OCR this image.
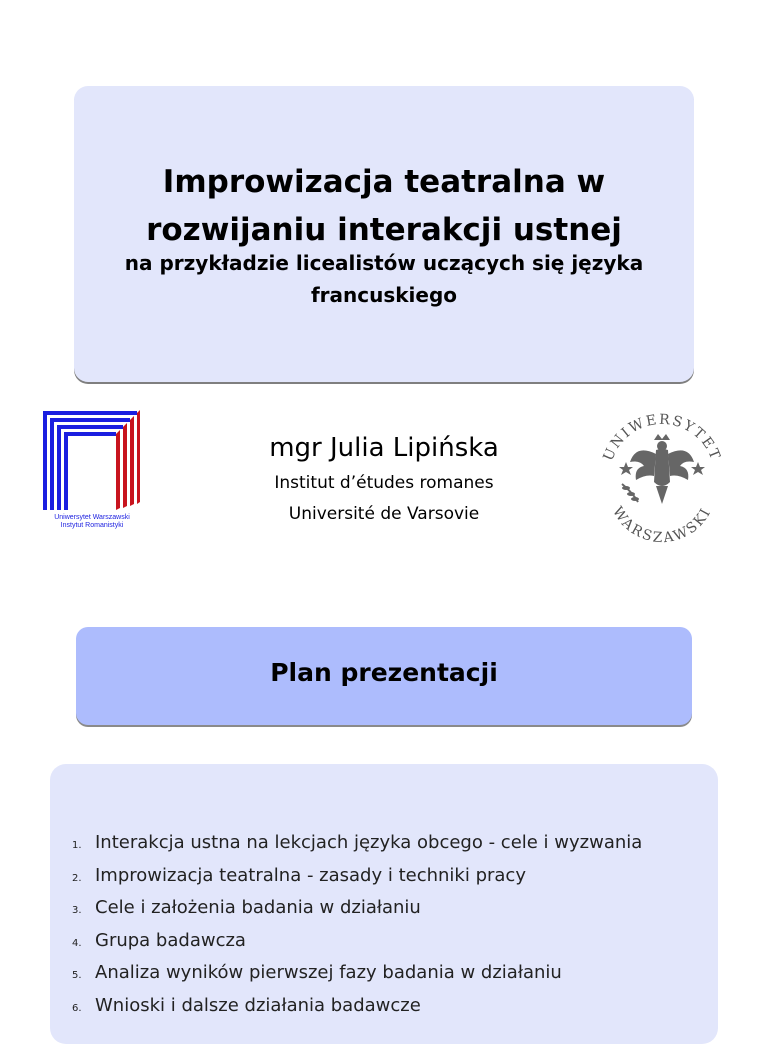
Improwizacja teatralna w
rozwijaniu interakcji ustnej
na przykładzie licealistów uczących się języka
francuskiego
Uniwersytet Warszawski
Instytut Romanistyki
mgr Julia Lipińska
Institut d’études romanes
Université de Varsovie
UNIWERSYTET
WARSZAWSKI
Plan prezentacji
1. Interakcja ustna na lekcjach języka obcego - cele i wyzwania
2. Improwizacja teatralna - zasady i techniki pracy
3. Cele i założenia badania w działaniu
4. Grupa badawcza
5. Analiza wyników pierwszej fazy badania w działaniu
6. Wnioski i dalsze działania badawcze
